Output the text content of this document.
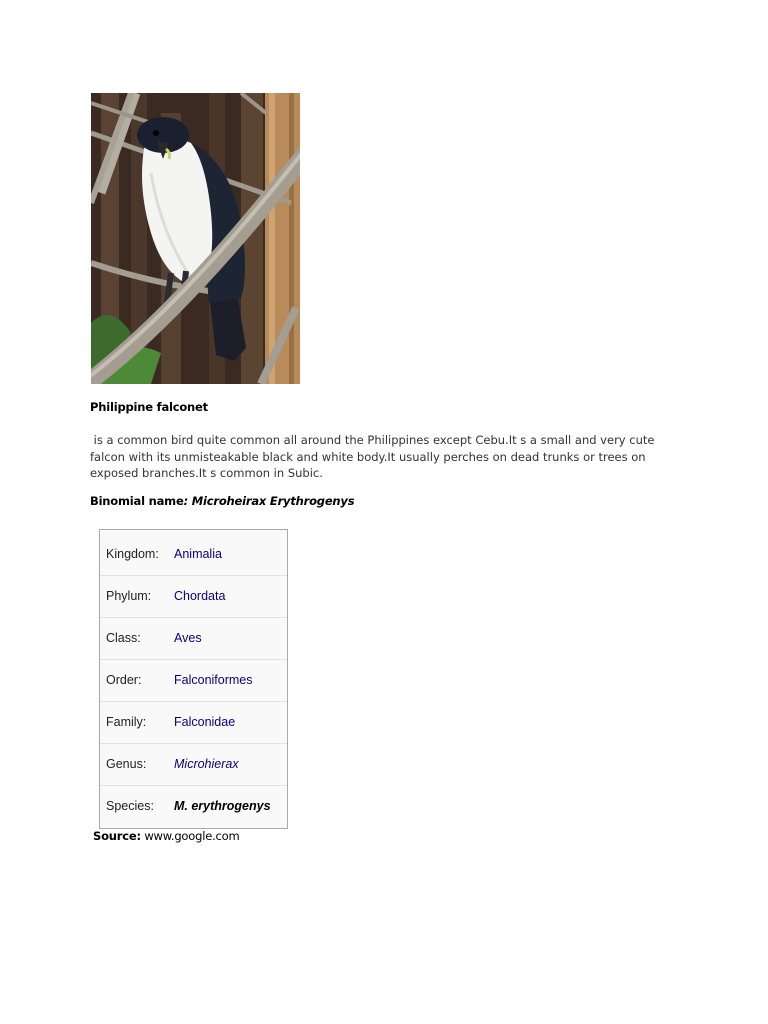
Philippine falconet
is a common bird quite common all around the Philippines except Cebu.It s a small and very cute falcon with its unmisteakable black and white body.It usually perches on dead trunks or trees on exposed branches.It s common in Subic.
Binomial name: Microheirax Erythrogenys
Kingdom: Animalia
Phylum: Chordata
Class:	Aves
Order:	Falconiformes
Family: Falconidae
Genus: Microhierax
Species: M. erythrogenys
Source: www.google.com
